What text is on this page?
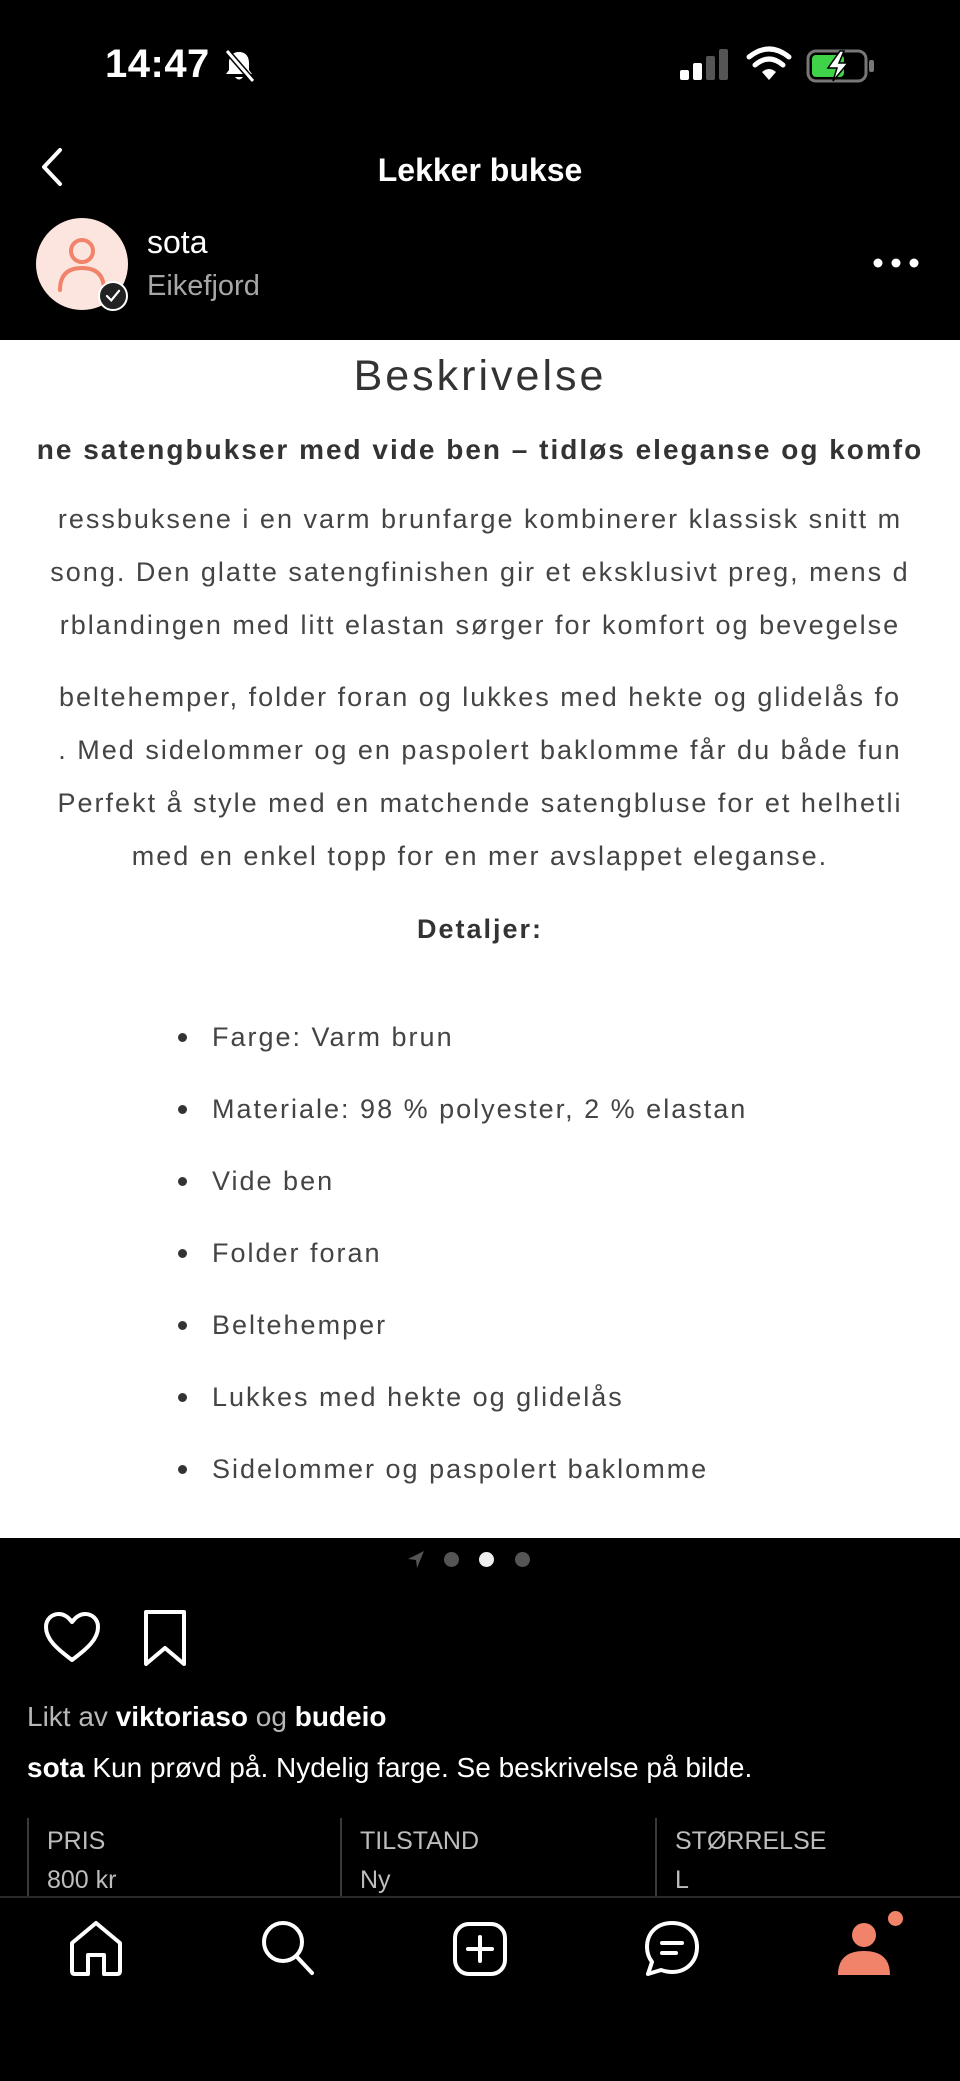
14:47
Lekker bukse
sota
Eikefjord
Beskrivelse
ne satengbukser med vide ben – tidløs eleganse og komfo
ressbuksene i en varm brunfarge kombinerer klassisk snitt m
song. Den glatte satengfinishen gir et eksklusivt preg, mens d
rblandingen med litt elastan sørger for komfort og bevegelse
beltehemper, folder foran og lukkes med hekte og glidelås fo
. Med sidelommer og en paspolert baklomme får du både fun
Perfekt å style med en matchende satengbluse for et helhetli
med en enkel topp for en mer avslappet eleganse.
Detaljer:
Farge: Varm brun
Materiale: 98 % polyester, 2 % elastan
Vide ben
Folder foran
Beltehemper
Lukkes med hekte og glidelås
Sidelommer og paspolert baklomme
Likt av viktoriaso og budeio
sota Kun prøvd på. Nydelig farge. Se beskrivelse på bilde.
PRIS
800 kr
TILSTAND
Ny
STØRRELSE
L
